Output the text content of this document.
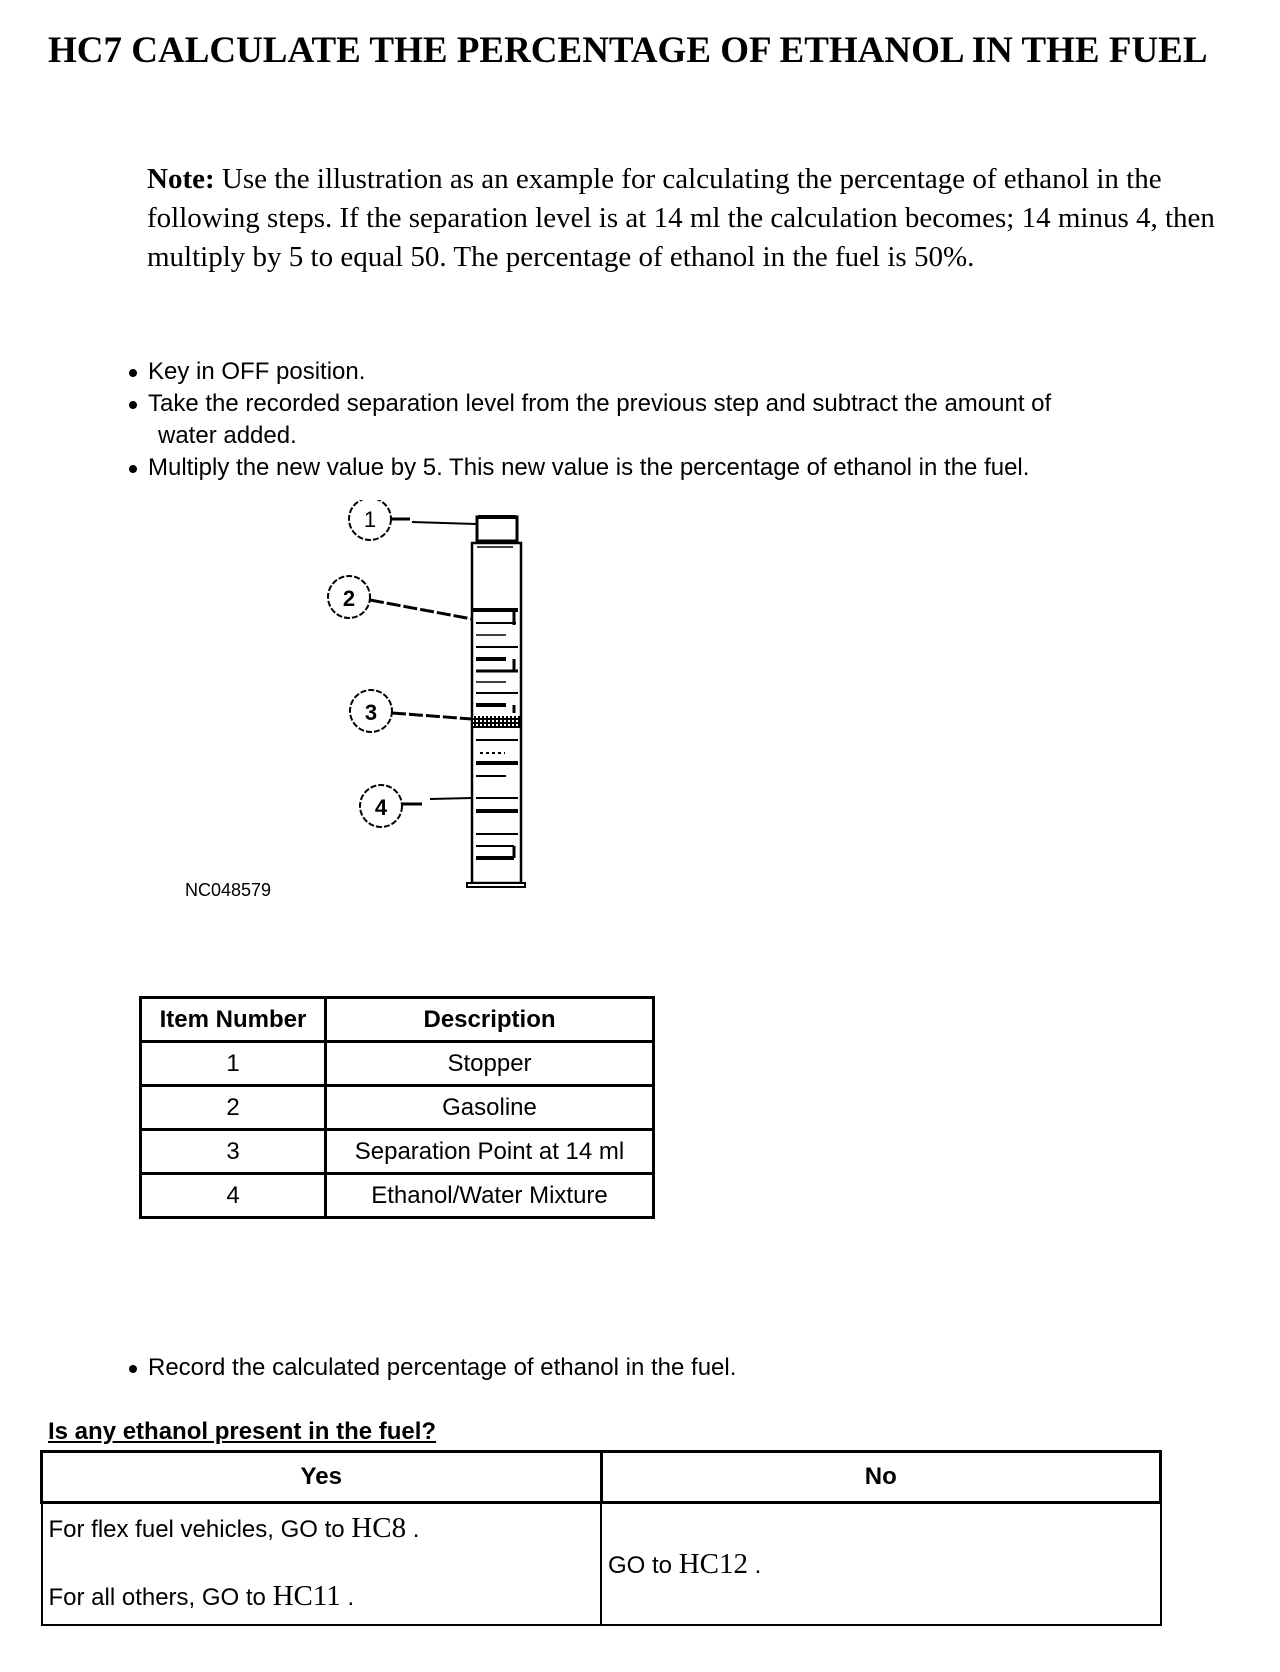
HC7 CALCULATE THE PERCENTAGE OF ETHANOL IN THE FUEL
Note: Use the illustration as an example for calculating the percentage of ethanol in the following steps. If the separation level is at 14 ml the calculation becomes; 14 minus 4, then multiply by 5 to equal 50. The percentage of ethanol in the fuel is 50%.
Key in OFF position.
Take the recorded separation level from the previous step and subtract the amount of
water added.
Multiply the new value by 5. This new value is the percentage of ethanol in the fuel.
1
2
3
4
NC048579
Item Number	Description
1	Stopper
2	Gasoline
3	Separation Point at 14 ml
4	Ethanol/Water Mixture
Record the calculated percentage of ethanol in the fuel.
Is any ethanol present in the fuel?
Yes	No

For flex fuel vehicles, GO to HC8 .
For all others, GO to HC11 .	GO to HC12 .
